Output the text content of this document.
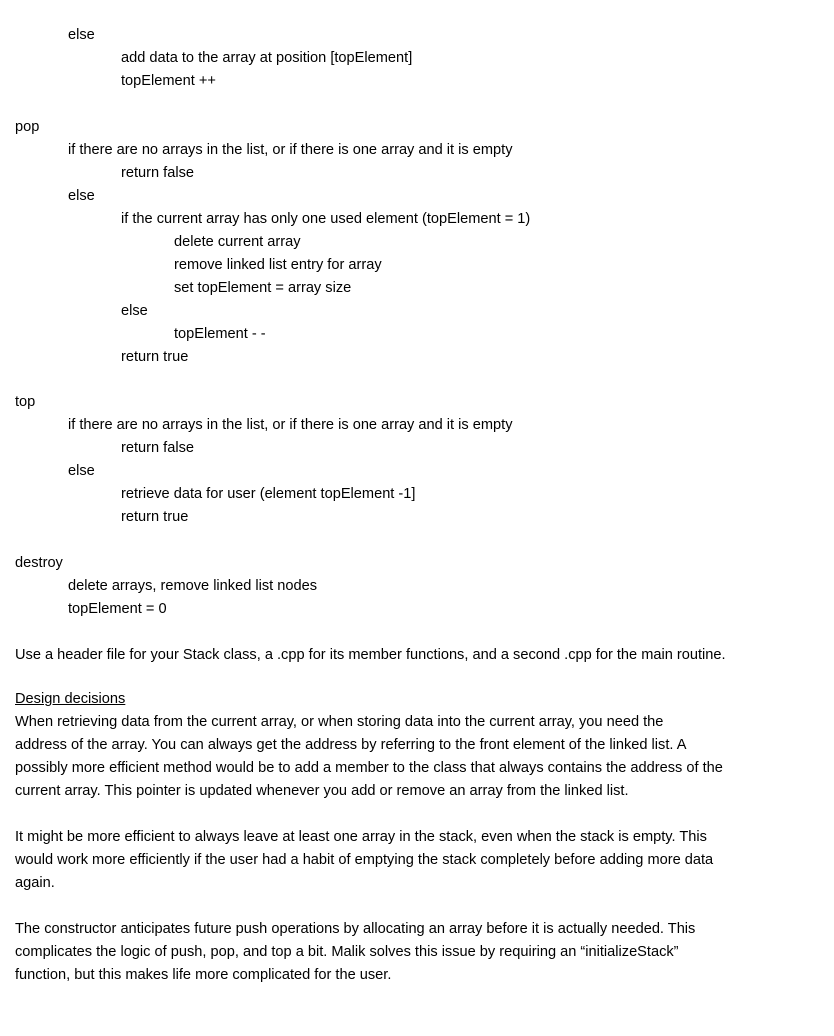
else
add data to the array at position [topElement]
topElement ++
pop
if there are no arrays in the list, or if there is one array and it is empty
return false
else
if the current array has only one used element (topElement = 1)
delete current array
remove linked list entry for array
set topElement = array size
else
topElement - -
return true
top
if there are no arrays in the list, or if there is one array and it is empty
return false
else
retrieve data for user (element topElement -1]
return true
destroy
delete arrays, remove linked list nodes
topElement = 0
Use a header file for your Stack class, a .cpp for its member functions, and a second .cpp for the main routine.
Design decisions
When retrieving data from the current array, or when storing data into the current array, you need the
address of the array. You can always get the address by referring to the front element of the linked list. A
possibly more efficient method would be to add a member to the class that always contains the address of the
current array. This pointer is updated whenever you add or remove an array from the linked list.
It might be more efficient to always leave at least one array in the stack, even when the stack is empty. This
would work more efficiently if the user had a habit of emptying the stack completely before adding more data
again.
The constructor anticipates future push operations by allocating an array before it is actually needed. This
complicates the logic of push, pop, and top a bit. Malik solves this issue by requiring an “initializeStack”
function, but this makes life more complicated for the user.
